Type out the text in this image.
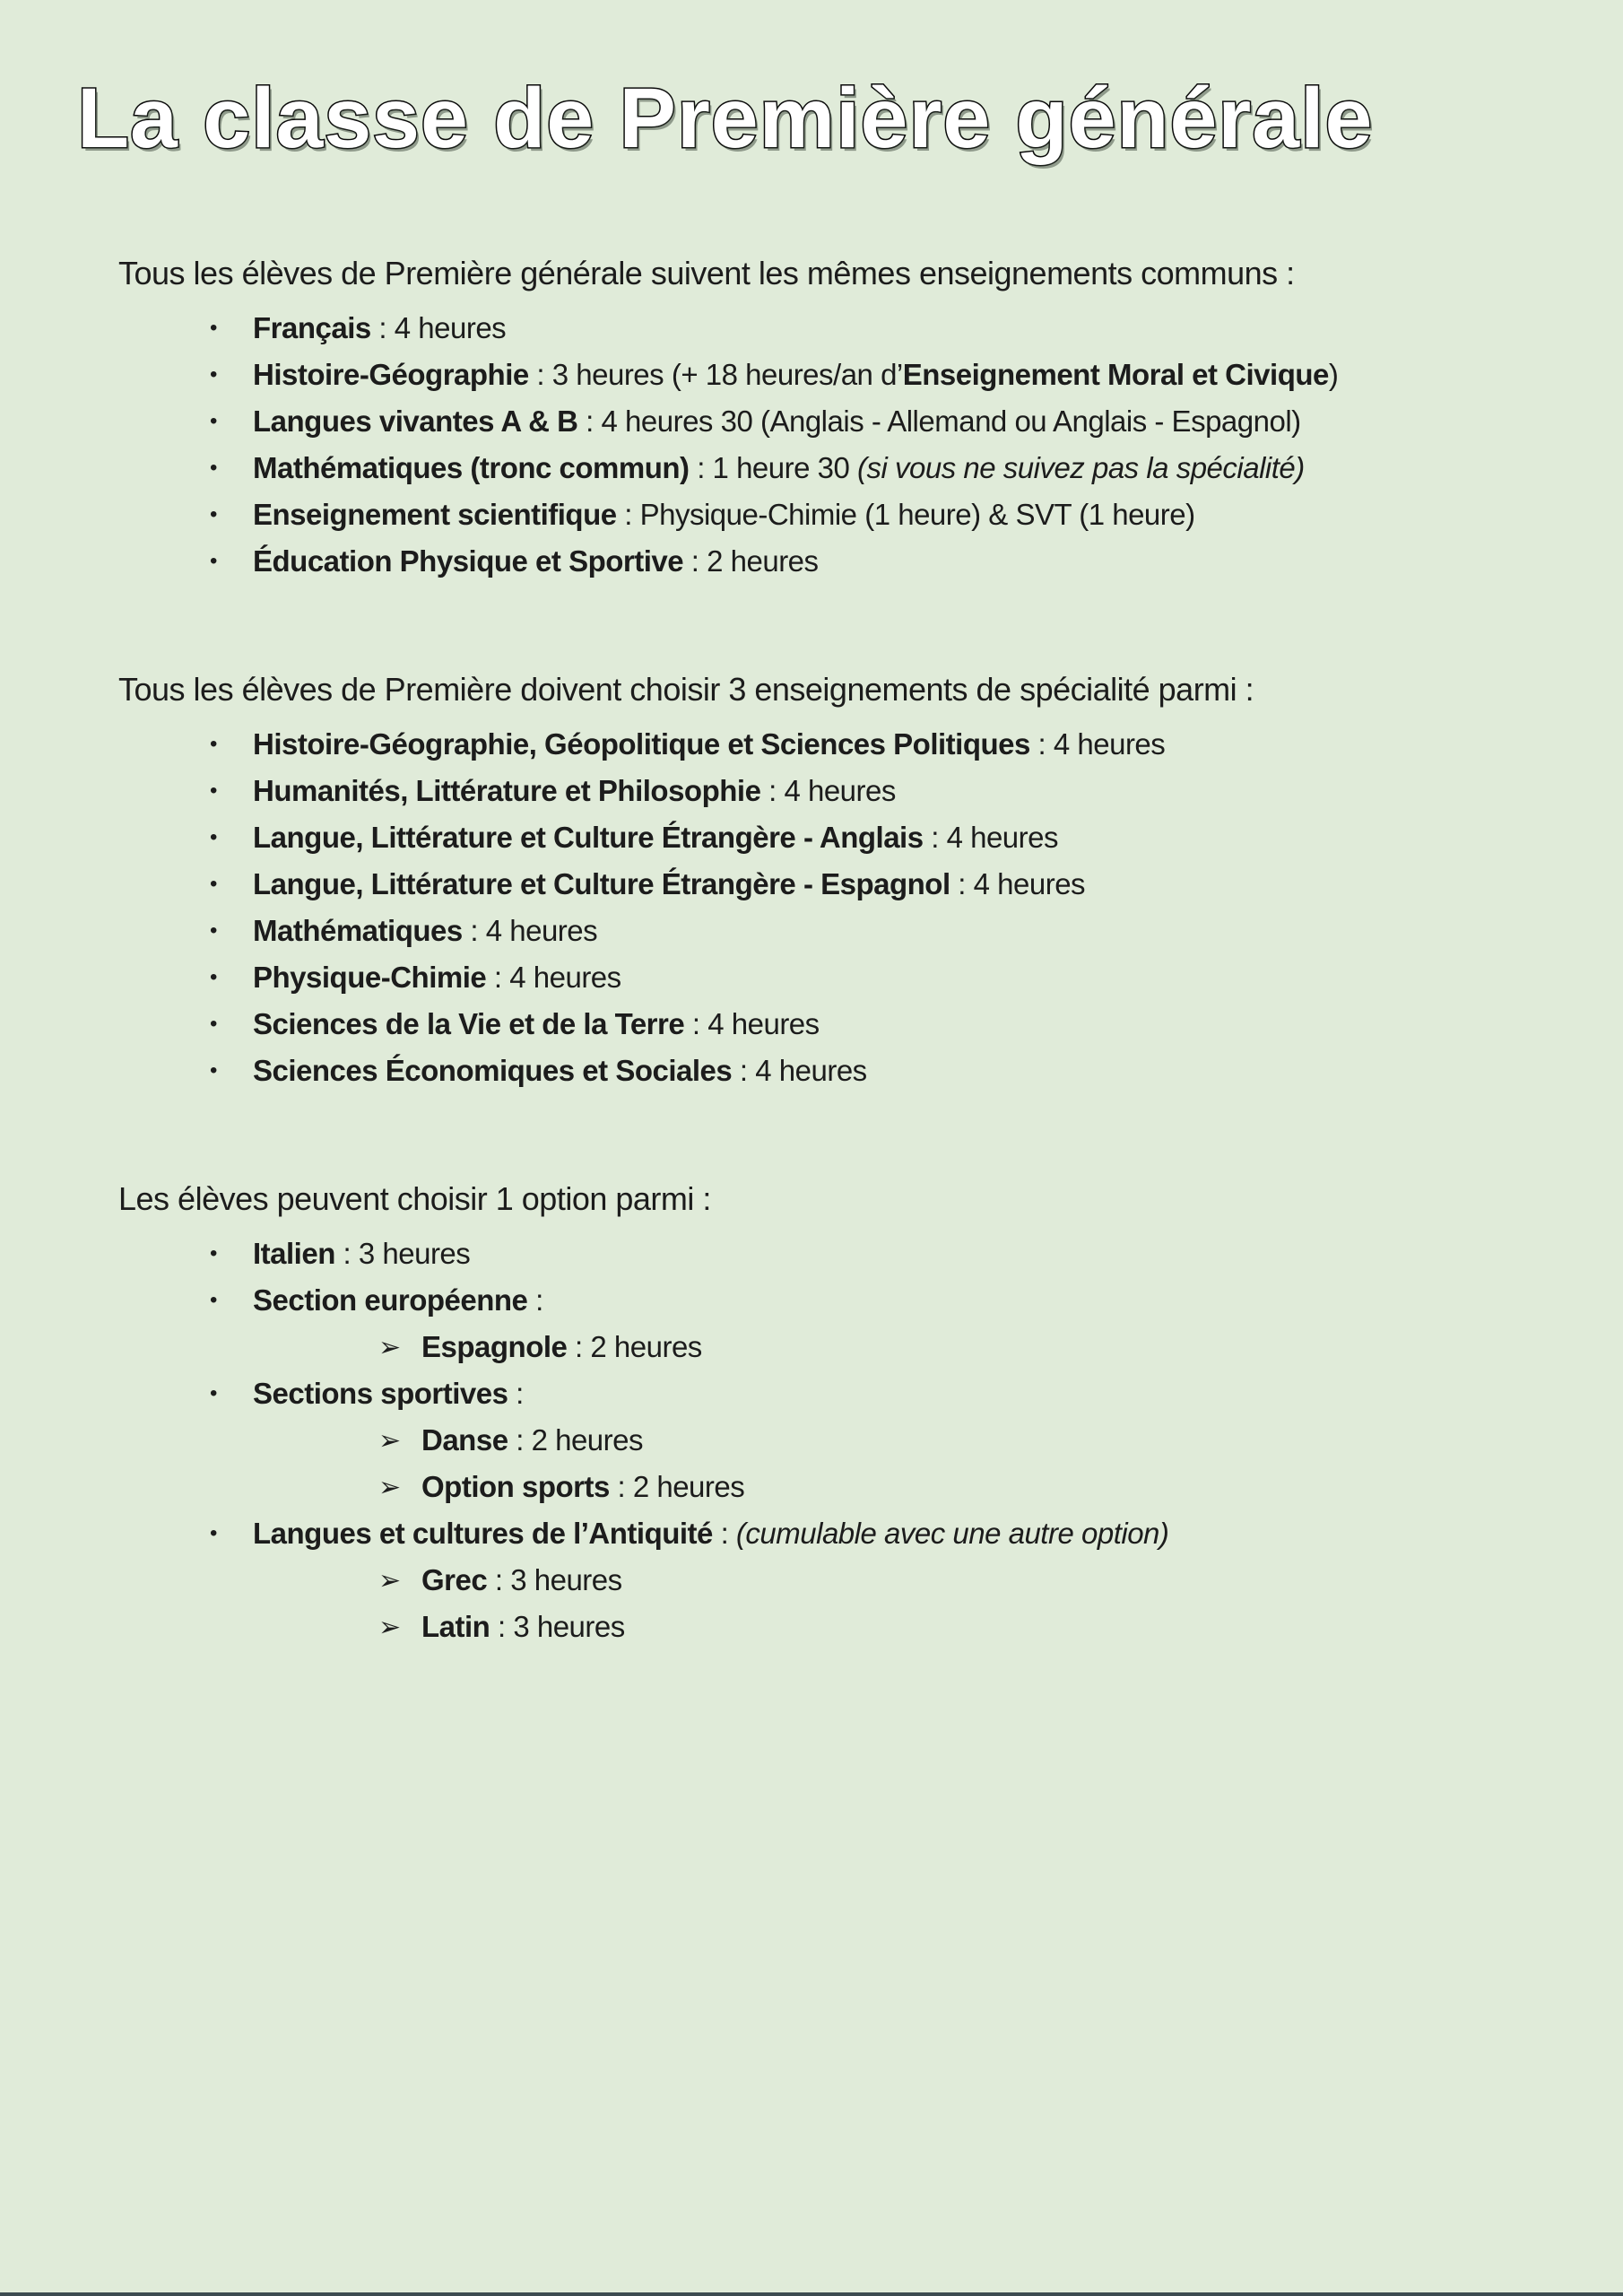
La classe de Première générale

Tous les élèves de Première générale suivent les mêmes enseignements communs :

•	Français : 4 heures
•	Histoire-Géographie : 3 heures (+ 18 heures/an d’Enseignement Moral et Civique)
•	Langues vivantes A & B : 4 heures 30 (Anglais - Allemand ou Anglais - Espagnol)
•	Mathématiques (tronc commun) : 1 heure 30 (si vous ne suivez pas la spécialité)
•	Enseignement scientifique : Physique-Chimie (1 heure) & SVT (1 heure)
•	Éducation Physique et Sportive : 2 heures

Tous les élèves de Première doivent choisir 3 enseignements de spécialité parmi :

•	Histoire-Géographie, Géopolitique et Sciences Politiques : 4 heures
•	Humanités, Littérature et Philosophie : 4 heures
•	Langue, Littérature et Culture Étrangère - Anglais : 4 heures
•	Langue, Littérature et Culture Étrangère - Espagnol : 4 heures
•	Mathématiques : 4 heures
•	Physique-Chimie : 4 heures
•	Sciences de la Vie et de la Terre : 4 heures
•	Sciences Économiques et Sociales : 4 heures

Les élèves peuvent choisir 1 option parmi :

•	Italien : 3 heures
•	Section européenne :
➢ Espagnole : 2 heures
•	Sections sportives :
➢ Danse : 2 heures
➢ Option sports : 2 heures
•	Langues et cultures de l’Antiquité : (cumulable avec une autre option)
➢ Grec : 3 heures
➢ Latin : 3 heures
